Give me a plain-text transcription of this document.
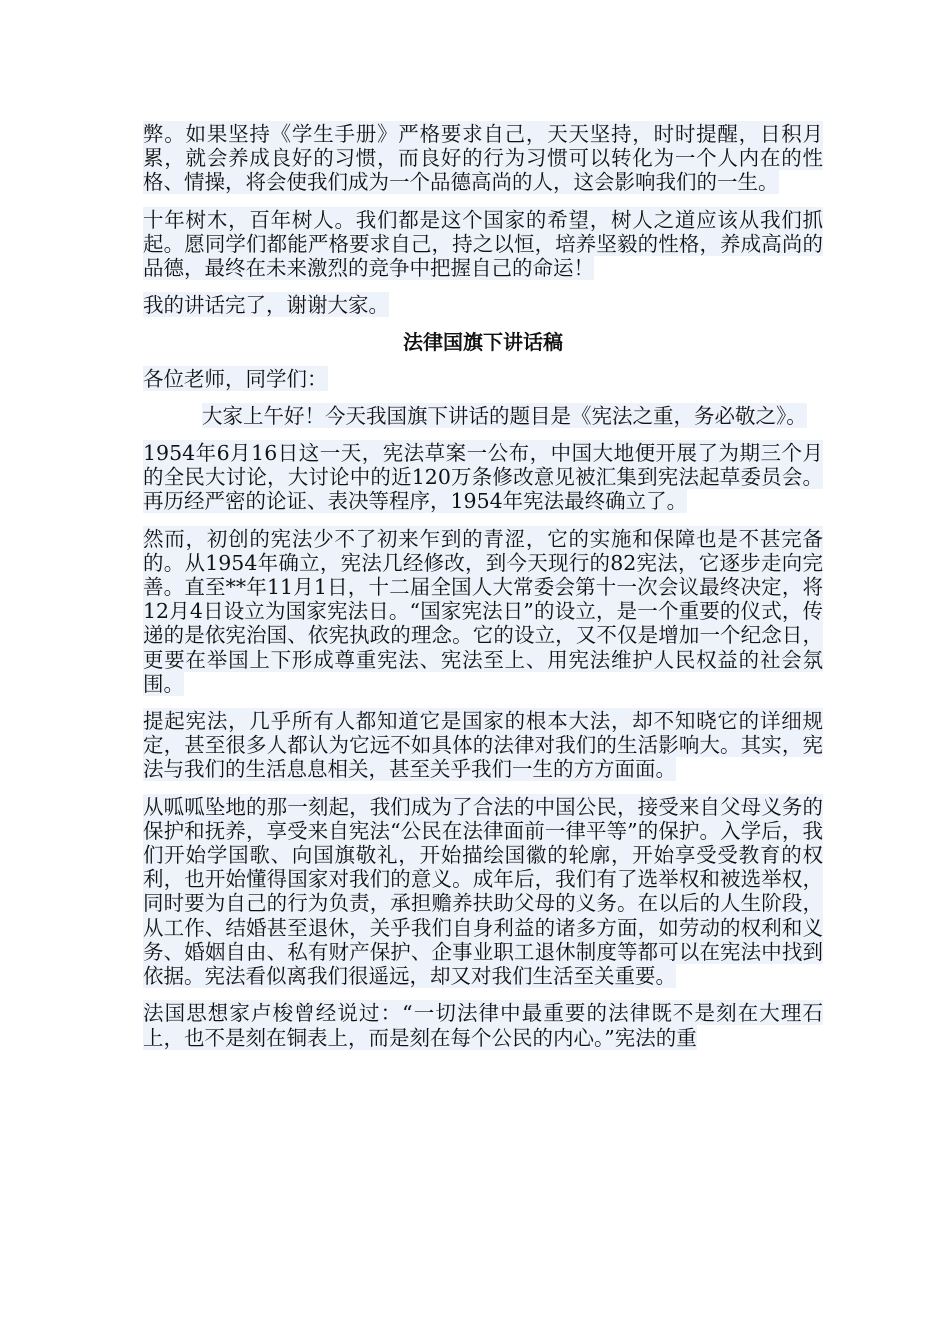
弊。如果坚持《学生手册》严格要求自己，天天坚持，时时提醒，日积月累，就会养成良好的习惯，而良好的行为习惯可以转化为一个人内在的性格、情操，将会使我们成为一个品德高尚的人，这会影响我们的一生。

十年树木，百年树人。我们都是这个国家的希望，树人之道应该从我们抓起。愿同学们都能严格要求自己，持之以恒，培养坚毅的性格，养成高尚的品德，最终在未来激烈的竞争中把握自己的命运！

我的讲话完了，谢谢大家。

法律国旗下讲话稿

各位老师，同学们：

大家上午好！今天我国旗下讲话的题目是《宪法之重，务必敬之》。

1954年6月16日这一天，宪法草案一公布，中国大地便开展了为期三个月的全民大讨论，大讨论中的近120万条修改意见被汇集到宪法起草委员会。再历经严密的论证、表决等程序，1954年宪法最终确立了。

然而，初创的宪法少不了初来乍到的青涩，它的实施和保障也是不甚完备的。从1954年确立，宪法几经修改，到今天现行的82宪法，它逐步走向完善。直至**年11月1日，十二届全国人大常委会第十一次会议最终决定，将12月4日设立为国家宪法日。“国家宪法日”的设立，是一个重要的仪式，传递的是依宪治国、依宪执政的理念。它的设立，又不仅是增加一个纪念日，更要在举国上下形成尊重宪法、宪法至上、用宪法维护人民权益的社会氛围。

提起宪法，几乎所有人都知道它是国家的根本大法，却不知晓它的详细规定，甚至很多人都认为它远不如具体的法律对我们的生活影响大。其实，宪法与我们的生活息息相关，甚至关乎我们一生的方方面面。

从呱呱坠地的那一刻起，我们成为了合法的中国公民，接受来自父母义务的保护和抚养，享受来自宪法“公民在法律面前一律平等”的保护。入学后，我们开始学国歌、向国旗敬礼，开始描绘国徽的轮廓，开始享受受教育的权利，也开始懂得国家对我们的意义。成年后，我们有了选举权和被选举权，同时要为自己的行为负责，承担赡养扶助父母的义务。在以后的人生阶段，从工作、结婚甚至退休，关乎我们自身利益的诸多方面，如劳动的权利和义务、婚姻自由、私有财产保护、企事业职工退休制度等都可以在宪法中找到依据。宪法看似离我们很遥远，却又对我们生活至关重要。

法国思想家卢梭曾经说过：“一切法律中最重要的法律既不是刻在大理石上，也不是刻在铜表上，而是刻在每个公民的内心。”宪法的重
